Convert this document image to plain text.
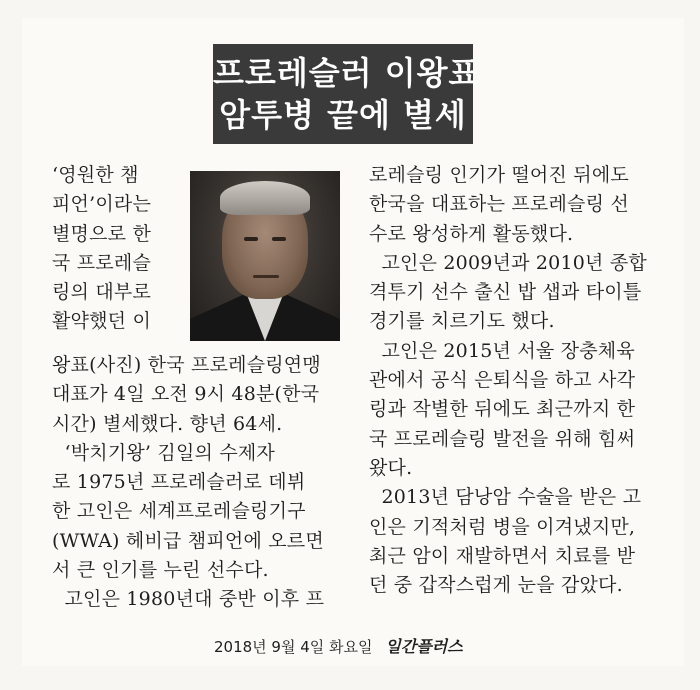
프로레슬러 이왕표
암투병 끝에 별세
‘영원한 챔
피언’이라는
별명으로 한
국 프로레슬
링의 대부로
활약했던 이
왕표(사진) 한국 프로레슬링연맹
대표가 4일 오전 9시 48분(한국
시간) 별세했다. 향년 64세.
‘박치기왕’ 김일의 수제자
로 1975년 프로레슬러로 데뷔
한 고인은 세계프로레슬링기구
(WWA) 헤비급 챔피언에 오르면
서 큰 인기를 누린 선수다.
고인은 1980년대 중반 이후 프
로레슬링 인기가 떨어진 뒤에도
한국을 대표하는 프로레슬링 선
수로 왕성하게 활동했다.
고인은 2009년과 2010년 종합
격투기 선수 출신 밥 샙과 타이틀
경기를 치르기도 했다.
고인은 2015년 서울 장충체육
관에서 공식 은퇴식을 하고 사각
링과 작별한 뒤에도 최근까지 한
국 프로레슬링 발전을 위해 힘써
왔다.
2013년 담낭암 수술을 받은 고
인은 기적처럼 병을 이겨냈지만,
최근 암이 재발하면서 치료를 받
던 중 갑작스럽게 눈을 감았다.
2018년 9월 4일 화요일 일간플러스
